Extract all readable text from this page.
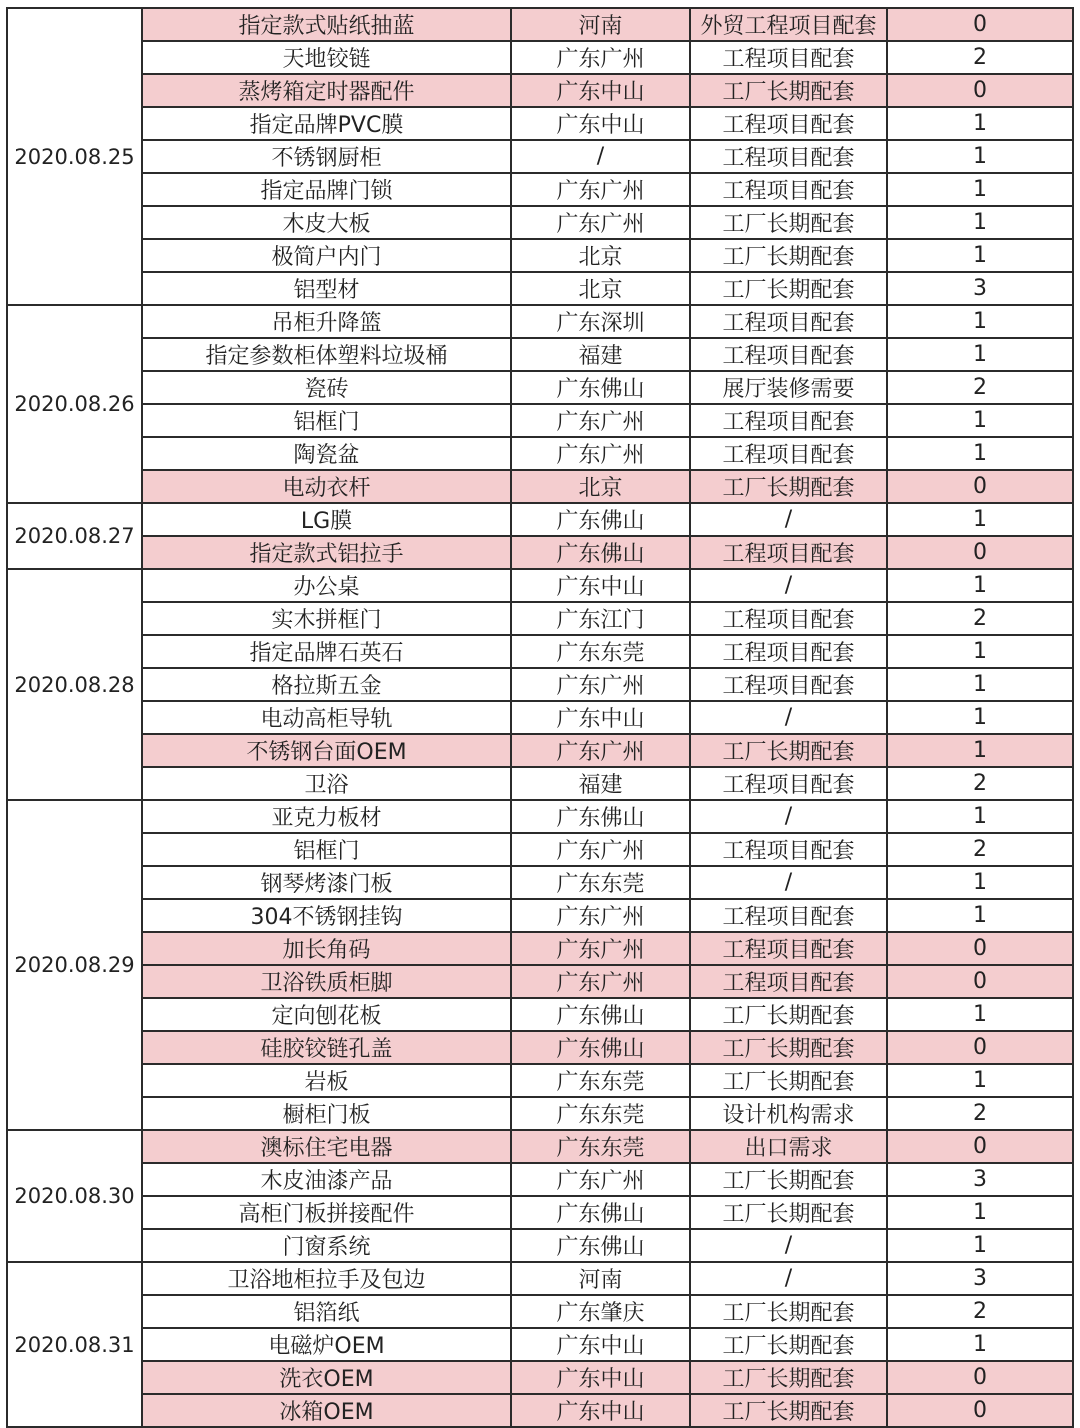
2020.08.25	指定款式贴纸抽蓝	河南	外贸工程项目配套	0
	天地铰链	广东广州	工程项目配套	2
	蒸烤箱定时器配件	广东中山	工厂长期配套	0
	指定品牌PVC膜	广东中山	工程项目配套	1
	不锈钢厨柜	/	工程项目配套	1
	指定品牌门锁	广东广州	工程项目配套	1
	木皮大板	广东广州	工厂长期配套	1
	极简户内门	北京	工厂长期配套	1
	铝型材	北京	工厂长期配套	3
2020.08.26	吊柜升降篮	广东深圳	工程项目配套	1
	指定参数柜体塑料垃圾桶	福建	工程项目配套	1
	瓷砖	广东佛山	展厅装修需要	2
	铝框门	广东广州	工程项目配套	1
	陶瓷盆	广东广州	工程项目配套	1
	电动衣杆	北京	工厂长期配套	0
2020.08.27	LG膜	广东佛山	/	1
	指定款式铝拉手	广东佛山	工程项目配套	0
2020.08.28	办公桌	广东中山	/	1
	实木拼框门	广东江门	工程项目配套	2
	指定品牌石英石	广东东莞	工程项目配套	1
	格拉斯五金	广东广州	工程项目配套	1
	电动高柜导轨	广东中山	/	1
	不锈钢台面OEM	广东广州	工厂长期配套	1
	卫浴	福建	工程项目配套	2
2020.08.29	亚克力板材	广东佛山	/	1
	铝框门	广东广州	工程项目配套	2
	钢琴烤漆门板	广东东莞	/	1
	304不锈钢挂钩	广东广州	工程项目配套	1
	加长角码	广东广州	工程项目配套	0
	卫浴铁质柜脚	广东广州	工程项目配套	0
	定向刨花板	广东佛山	工厂长期配套	1
	硅胶铰链孔盖	广东佛山	工厂长期配套	0
	岩板	广东东莞	工厂长期配套	1
	橱柜门板	广东东莞	设计机构需求	2
2020.08.30	澳标住宅电器	广东东莞	出口需求	0
	木皮油漆产品	广东广州	工厂长期配套	3
	高柜门板拼接配件	广东佛山	工厂长期配套	1
	门窗系统	广东佛山	/	1
2020.08.31	卫浴地柜拉手及包边	河南	/	3
	铝箔纸	广东肇庆	工厂长期配套	2
	电磁炉OEM	广东中山	工厂长期配套	1
	洗衣OEM	广东中山	工厂长期配套	0
	冰箱OEM	广东中山	工厂长期配套	0
